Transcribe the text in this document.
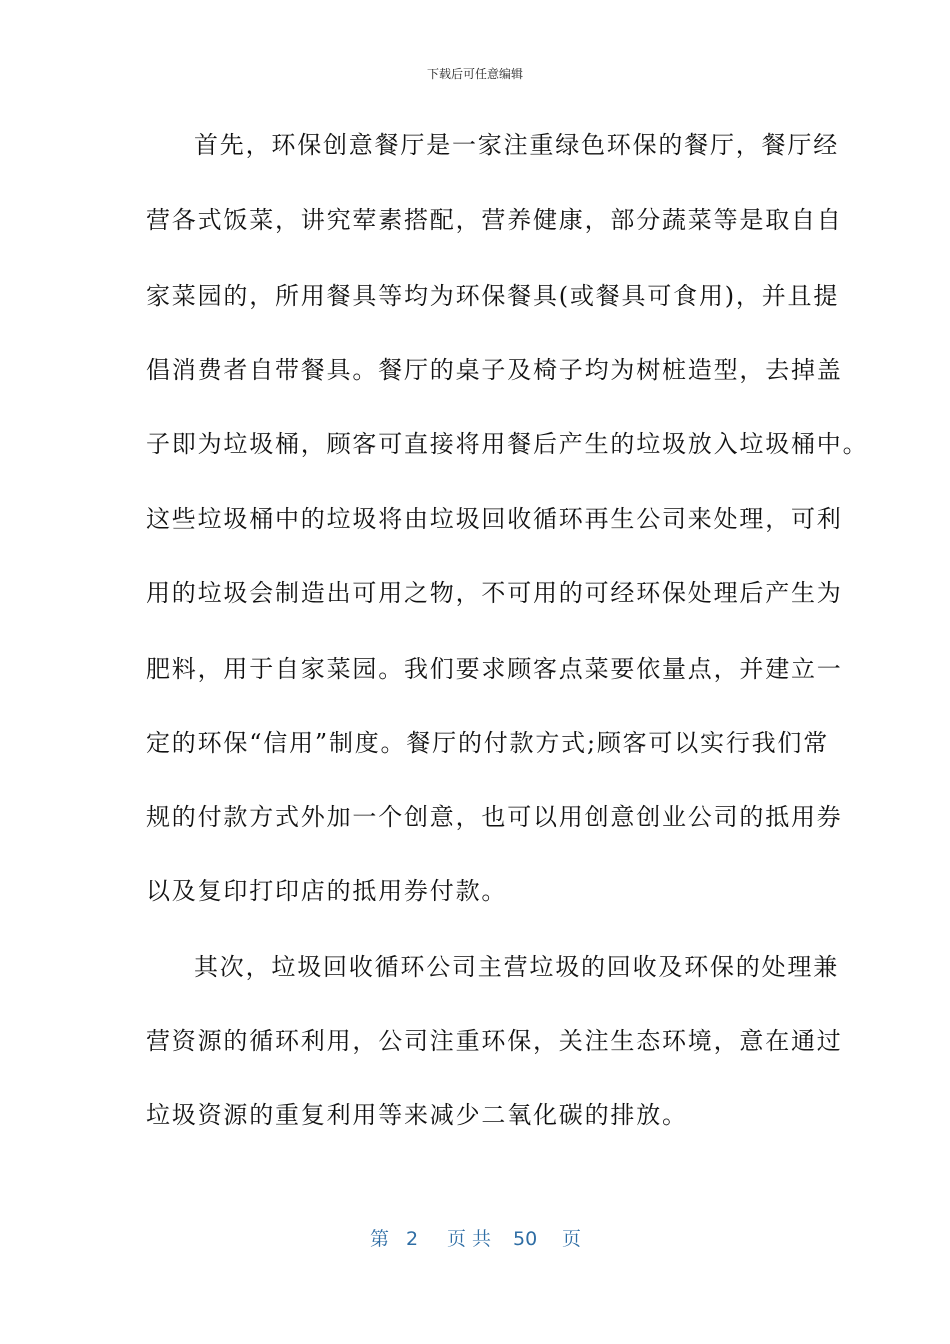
下载后可任意编辑
首先，环保创意餐厅是一家注重绿色环保的餐厅，餐厅经
营各式饭菜，讲究荤素搭配，营养健康，部分蔬菜等是取自自
家菜园的，所用餐具等均为环保餐具(或餐具可食用)，并且提
倡消费者自带餐具。餐厅的桌子及椅子均为树桩造型，去掉盖
子即为垃圾桶，顾客可直接将用餐后产生的垃圾放入垃圾桶中。
这些垃圾桶中的垃圾将由垃圾回收循环再生公司来处理，可利
用的垃圾会制造出可用之物，不可用的可经环保处理后产生为
肥料，用于自家菜园。我们要求顾客点菜要依量点，并建立一
定的环保“信用”制度。餐厅的付款方式;顾客可以实行我们常
规的付款方式外加一个创意，也可以用创意创业公司的抵用券
以及复印打印店的抵用券付款。
其次，垃圾回收循环公司主营垃圾的回收及环保的处理兼
营资源的循环利用，公司注重环保，关注生态环境，意在通过
垃圾资源的重复利用等来减少二氧化碳的排放。
第 2 页共 50 页
